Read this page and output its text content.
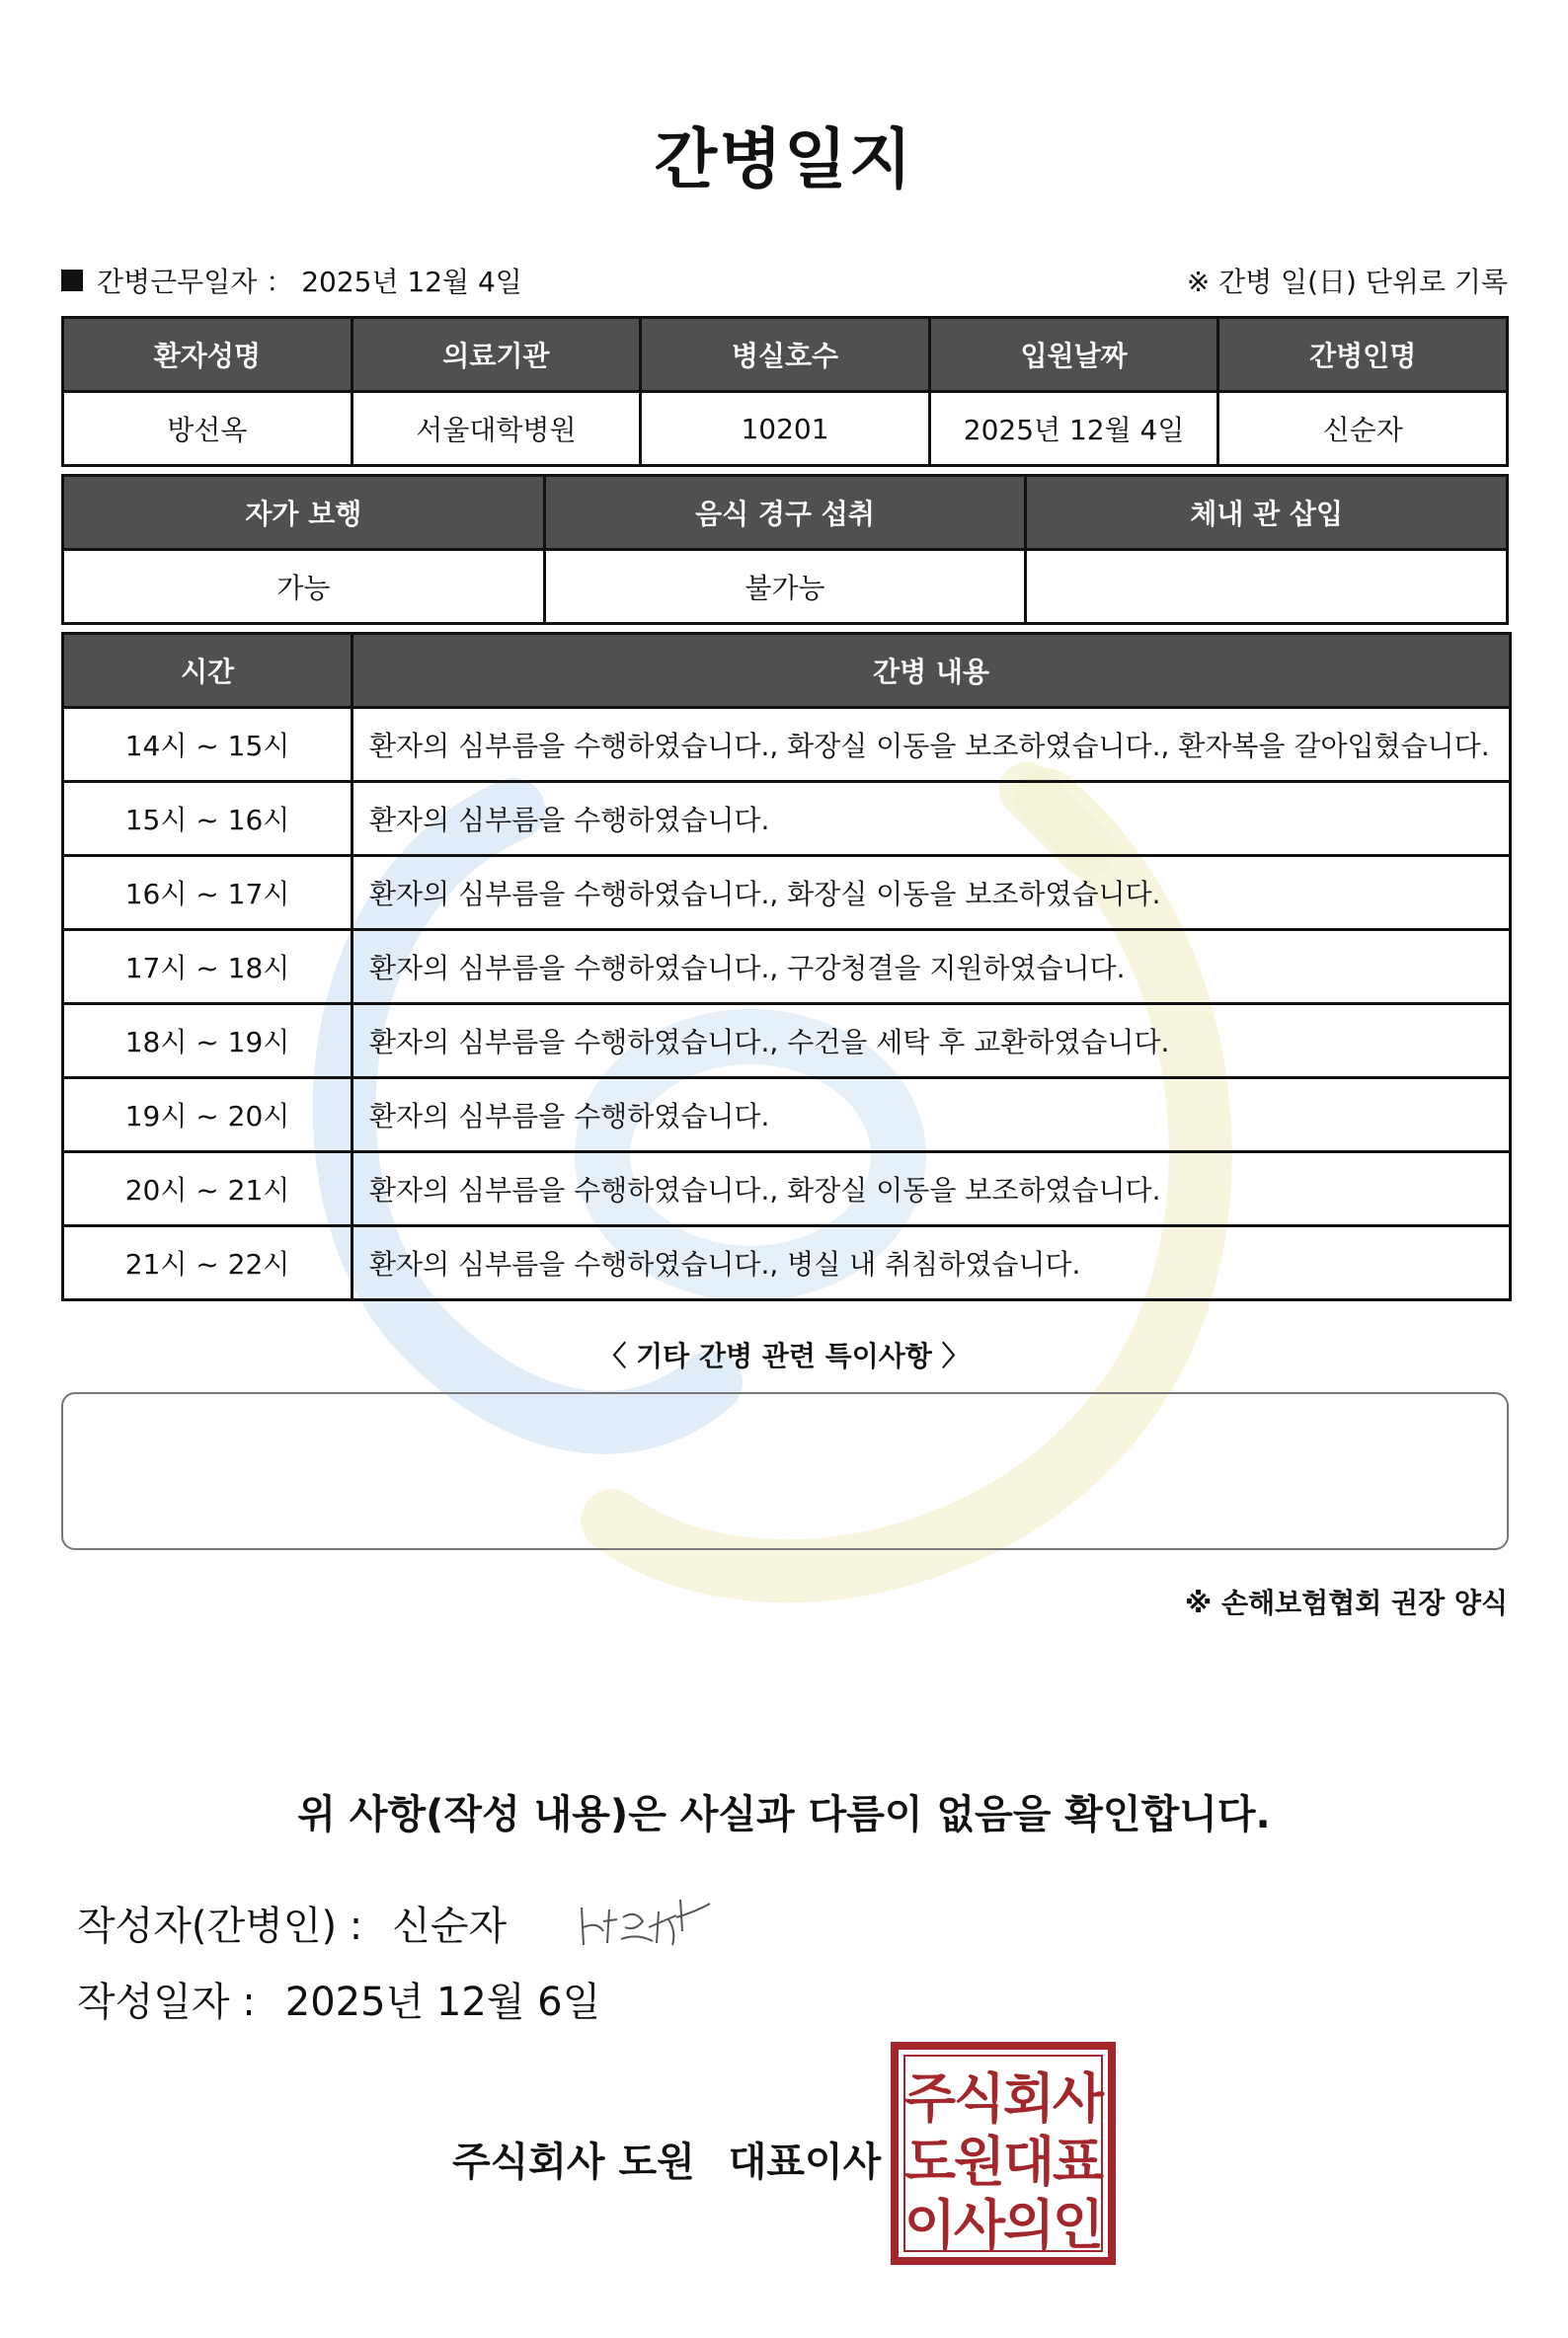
간병일지
간병근무일자 ： 2025년 12월 4일	※ 간병 일(日) 단위로 기록
환자성명	의료기관	병실호수	입원날짜	간병인명
방선옥	서울대학병원	10201	2025년 12월 4일	신순자
자가 보행	음식 경구 섭취	체내 관 삽입
가능	불가능	
시간	간병 내용
14시 ~ 15시	환자의 심부름을 수행하였습니다., 화장실 이동을 보조하였습니다., 환자복을 갈아입혔습니다.
15시 ~ 16시	환자의 심부름을 수행하였습니다.
16시 ~ 17시	환자의 심부름을 수행하였습니다., 화장실 이동을 보조하였습니다.
17시 ~ 18시	환자의 심부름을 수행하였습니다., 구강청결을 지원하였습니다.
18시 ~ 19시	환자의 심부름을 수행하였습니다., 수건을 세탁 후 교환하였습니다.
19시 ~ 20시	환자의 심부름을 수행하였습니다.
20시 ~ 21시	환자의 심부름을 수행하였습니다., 화장실 이동을 보조하였습니다.
21시 ~ 22시	환자의 심부름을 수행하였습니다., 병실 내 취침하였습니다.
〈 기타 간병 관련 특이사항 〉
※ 손해보험협회 권장 양식
위 사항(작성 내용)은 사실과 다름이 없음을 확인합니다.
작성자(간병인) : 신순자
작성일자 : 2025년 12월 6일
주식회사 도원 대표이사
주
식
회
사
도
원
대
표
이
사
의
인
